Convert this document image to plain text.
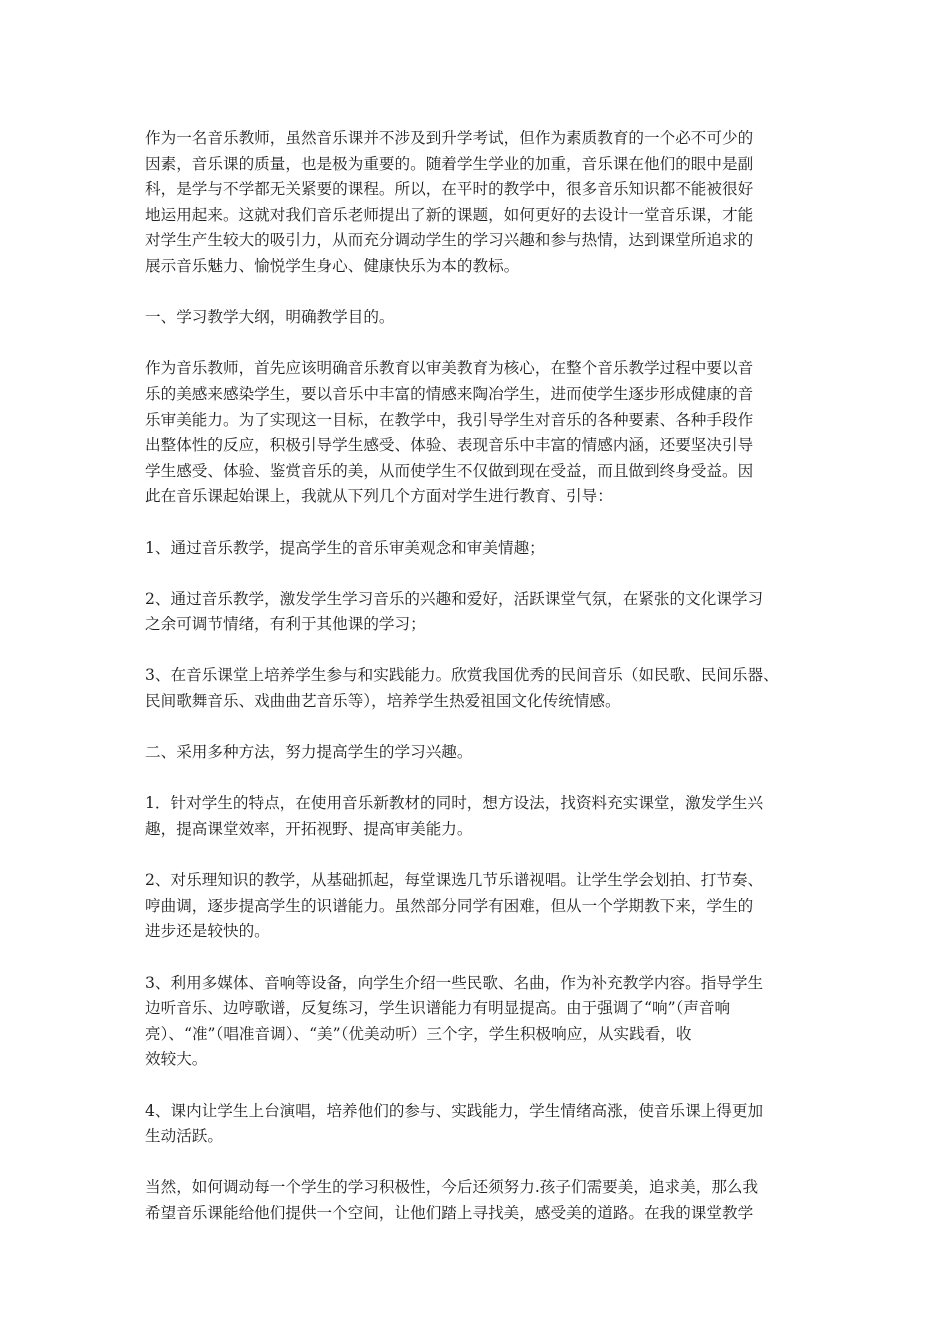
作为一名音乐教师，虽然音乐课并不涉及到升学考试，但作为素质教育的一个必不可少的
因素，音乐课的质量，也是极为重要的。随着学生学业的加重，音乐课在他们的眼中是副
科，是学与不学都无关紧要的课程。所以，在平时的教学中，很多音乐知识都不能被很好
地运用起来。这就对我们音乐老师提出了新的课题，如何更好的去设计一堂音乐课，才能
对学生产生较大的吸引力，从而充分调动学生的学习兴趣和参与热情，达到课堂所追求的
展示音乐魅力、愉悦学生身心、健康快乐为本的教标。

一、学习教学大纲，明确教学目的。

作为音乐教师，首先应该明确音乐教育以审美教育为核心，在整个音乐教学过程中要以音
乐的美感来感染学生，要以音乐中丰富的情感来陶冶学生，进而使学生逐步形成健康的音
乐审美能力。为了实现这一目标，在教学中，我引导学生对音乐的各种要素、各种手段作
出整体性的反应，积极引导学生感受、体验、表现音乐中丰富的情感内涵，还要坚决引导
学生感受、体验、鉴赏音乐的美，从而使学生不仅做到现在受益，而且做到终身受益。因
此在音乐课起始课上，我就从下列几个方面对学生进行教育、引导：

1、通过音乐教学，提高学生的音乐审美观念和审美情趣；

2、通过音乐教学，激发学生学习音乐的兴趣和爱好，活跃课堂气氛，在紧张的文化课学习
之余可调节情绪，有利于其他课的学习；

3、在音乐课堂上培养学生参与和实践能力。欣赏我国优秀的民间音乐（如民歌、民间乐器、
民间歌舞音乐、戏曲曲艺音乐等），培养学生热爱祖国文化传统情感。

二、采用多种方法，努力提高学生的学习兴趣。

1．针对学生的特点，在使用音乐新教材的同时，想方设法，找资料充实课堂，激发学生兴
趣，提高课堂效率，开拓视野、提高审美能力。

2、对乐理知识的教学，从基础抓起，每堂课选几节乐谱视唱。让学生学会划拍、打节奏、
哼曲调，逐步提高学生的识谱能力。虽然部分同学有困难，但从一个学期教下来，学生的
进步还是较快的。

3、利用多媒体、音响等设备，向学生介绍一些民歌、名曲，作为补充教学内容。指导学生
边听音乐、边哼歌谱，反复练习，学生识谱能力有明显提高。由于强调了“响”（声音响
亮）、“准”（唱准音调）、“美”（优美动听）三个字，学生积极响应，从实践看，收
效较大。

4、课内让学生上台演唱，培养他们的参与、实践能力，学生情绪高涨，使音乐课上得更加
生动活跃。

当然，如何调动每一个学生的学习积极性，今后还须努力.孩子们需要美，追求美，那么我
希望音乐课能给他们提供一个空间，让他们踏上寻找美，感受美的道路。在我的课堂教学
